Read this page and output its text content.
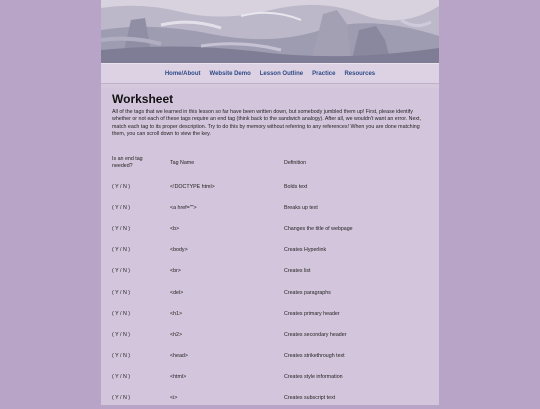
Home/About Website Demo Lesson Outline Practice Resources
Worksheet

All of the tags that we learned in this lesson so far have been written down, but somebody jumbled them up! First, please identify whether or not each of these tags require an end tag (think back to the sandwich analogy). After all, we wouldn't want an error. Next, match each tag to its proper description. Try to do this by memory without referring to any references! When you are done matching them, you can scroll down to view the key.

Is an end tag
needed?	Tag Name	Definition
( Y / N )	<!DOCTYPE html>	Bolds text
( Y / N )	<a href="">	Breaks up text
( Y / N )	<b>	Changes the title of webpage
( Y / N )	<body>	Creates Hyperlink
( Y / N )	<br>	Creates list
( Y / N )	<del>	Creates paragraphs
( Y / N )	<h1>	Creates primary header
( Y / N )	<h2>	Creates secondary header
( Y / N )	<head>	Creates strikethrough text
( Y / N )	<html>	Creates style information
( Y / N )	<i>	Creates subscript text
